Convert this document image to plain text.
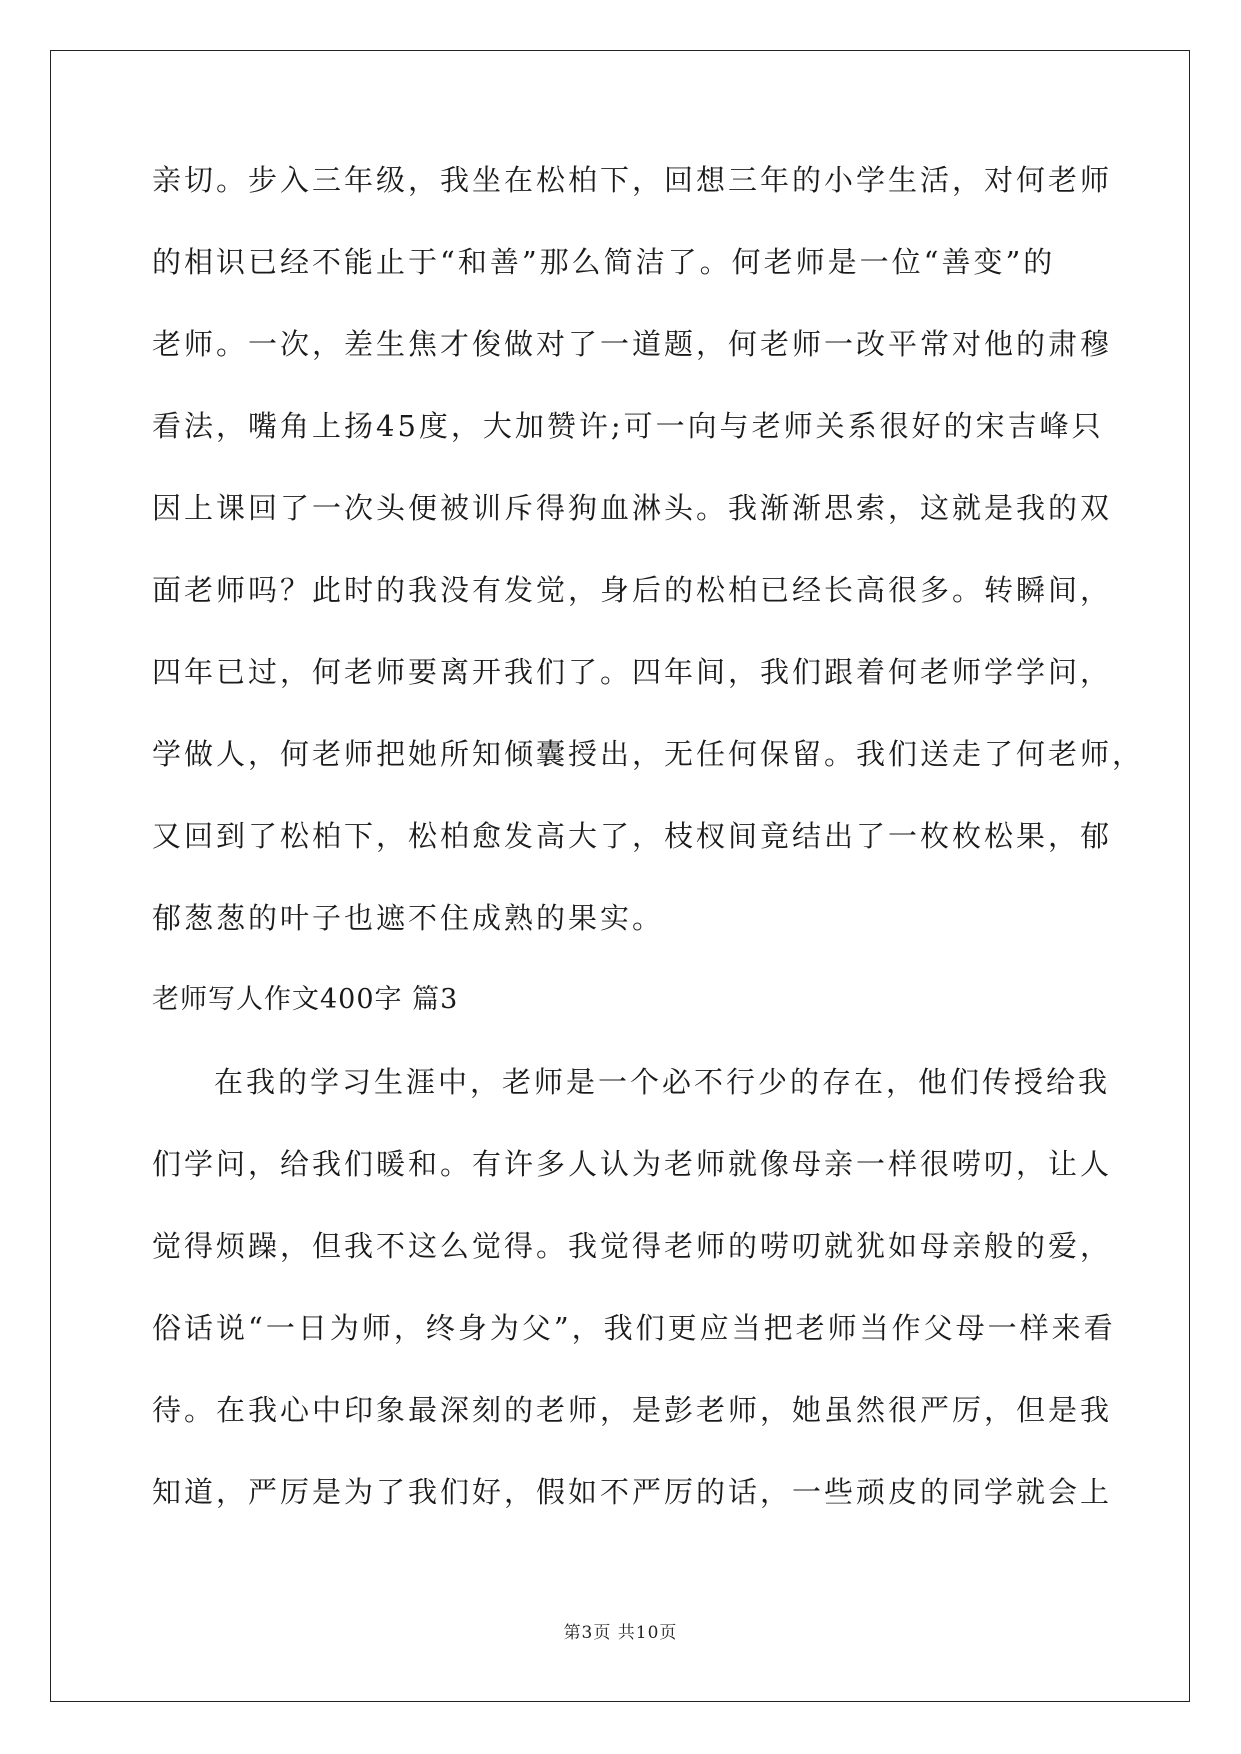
亲切。步入三年级，我坐在松柏下，回想三年的小学生活，对何老师
的相识已经不能止于“和善”那么简洁了。何老师是一位“善变”的
老师。一次，差生焦才俊做对了一道题，何老师一改平常对他的肃穆
看法，嘴角上扬45度，大加赞许;可一向与老师关系很好的宋吉峰只
因上课回了一次头便被训斥得狗血淋头。我渐渐思索，这就是我的双
面老师吗？此时的我没有发觉，身后的松柏已经长高很多。转瞬间，
四年已过，何老师要离开我们了。四年间，我们跟着何老师学学问，
学做人，何老师把她所知倾囊授出，无任何保留。我们送走了何老师，
又回到了松柏下，松柏愈发高大了，枝杈间竟结出了一枚枚松果，郁
郁葱葱的叶子也遮不住成熟的果实。
老师写人作文400字 篇3
在我的学习生涯中，老师是一个必不行少的存在，他们传授给我
们学问，给我们暖和。有许多人认为老师就像母亲一样很唠叨，让人
觉得烦躁，但我不这么觉得。我觉得老师的唠叨就犹如母亲般的爱，
俗话说“一日为师，终身为父”，我们更应当把老师当作父母一样来看
待。在我心中印象最深刻的老师，是彭老师，她虽然很严厉，但是我
知道，严厉是为了我们好，假如不严厉的话，一些顽皮的同学就会上
第3页 共10页
